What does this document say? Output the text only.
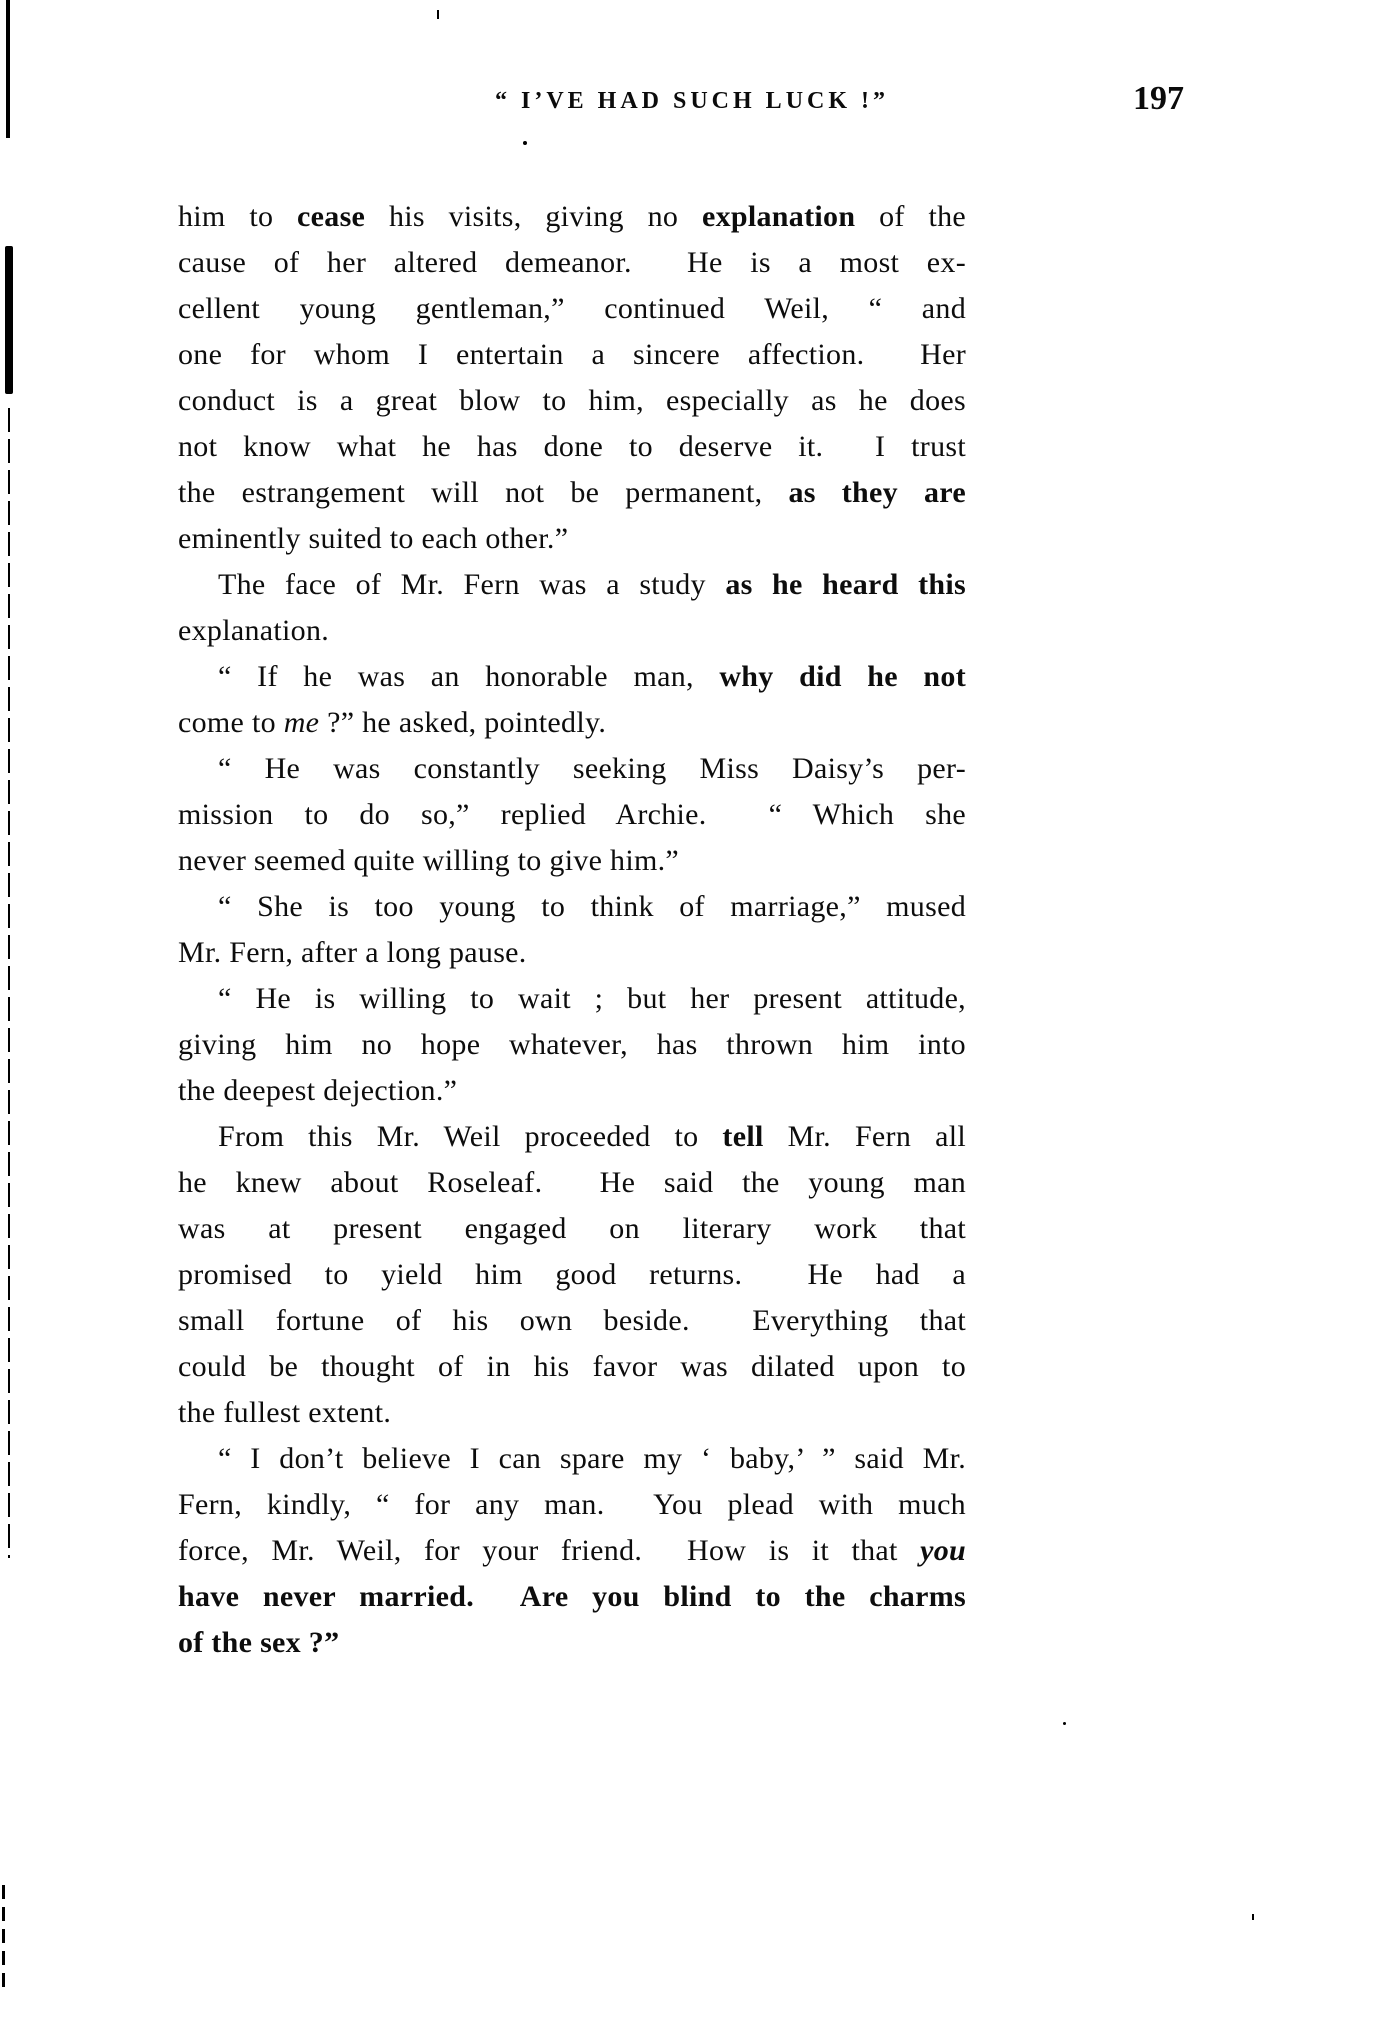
“ I’VE HAD SUCH LUCK !”	197
him to cease his visits, giving no explanation of the
cause of her altered demeanor.  He is a most ex-
cellent young gentleman,” continued Weil, “ and
one for whom I entertain a sincere affection.  Her
conduct is a great blow to him, especially as he does
not know what he has done to deserve it.  I trust
the estrangement will not be permanent, as they are
eminently suited to each other.”
The face of Mr. Fern was a study as he heard this
explanation.
“ If he was an honorable man, why did he not
come to me ?” he asked, pointedly.
“ He was constantly seeking Miss Daisy’s per-
mission to do so,” replied Archie.  “ Which she
never seemed quite willing to give him.”
“ She is too young to think of marriage,” mused
Mr. Fern, after a long pause.
“ He is willing to wait ; but her present attitude,
giving him no hope whatever, has thrown him into
the deepest dejection.”
From this Mr. Weil proceeded to tell Mr. Fern all
he knew about Roseleaf.  He said the young man
was at present engaged on literary work that
promised to yield him good returns.  He had a
small fortune of his own beside.  Everything that
could be thought of in his favor was dilated upon to
the fullest extent.
“ I don’t believe I can spare my ‘ baby,’ ” said Mr.
Fern, kindly, “ for any man.  You plead with much
force, Mr. Weil, for your friend.  How is it that you
have never married.  Are you blind to the charms
of the sex ?”
